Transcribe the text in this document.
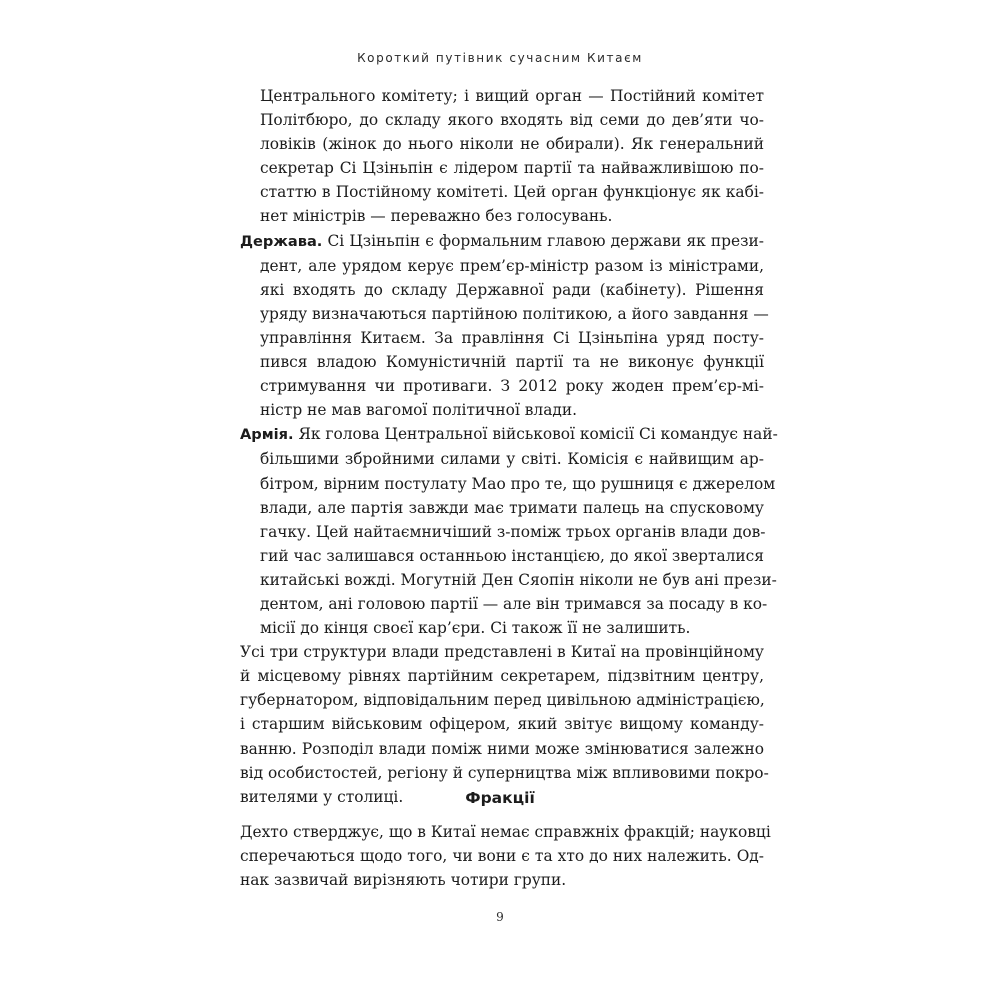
Короткий путівник сучасним Китаєм
Центрального комітету; і вищий орган — Постійний комітет
Політбюро, до складу якого входять від семи до дев’яти чо-
ловіків (жінок до нього ніколи не обирали). Як генеральний
секретар Сі Цзіньпін є лідером партії та найважливішою по-
статтю в Постійному комітеті. Цей орган функціонує як кабі-
нет міністрів — переважно без голосувань.
Держава. Сі Цзіньпін є формальним главою держави як прези-
дент, але урядом керує прем’єр-міністр разом із міністрами,
які входять до складу Державної ради (кабінету). Рішення
уряду визначаються партійною політикою, а його завдання —
управління Китаєм. За правління Сі Цзіньпіна уряд посту-
пився владою Комуністичній партії та не виконує функції
стримування чи противаги. З 2012 року жоден прем’єр-мі-
ністр не мав вагомої політичної влади.
Армія. Як голова Центральної військової комісії Сі командує най-
більшими збройними силами у світі. Комісія є найвищим ар-
бітром, вірним постулату Мао про те, що рушниця є джерелом
влади, але партія завжди має тримати палець на спусковому
гачку. Цей найтаємничіший з-поміж трьох органів влади дов-
гий час залишався останньою інстанцією, до якої зверталися
китайські вожді. Могутній Ден Сяопін ніколи не був ані прези-
дентом, ані головою партії — але він тримався за посаду в ко-
місії до кінця своєї кар’єри. Сі також її не залишить.
Усі три структури влади представлені в Китаї на провінційному
й місцевому рівнях партійним секретарем, підзвітним центру,
губернатором, відповідальним перед цивільною адміністрацією,
і старшим військовим офіцером, який звітує вищому команду-
ванню. Розподіл влади поміж ними може змінюватися залежно
від особистостей, регіону й суперництва між впливовими покро-
вителями у столиці.	Фракції
Дехто стверджує, що в Китаї немає справжніх фракцій; науковці
сперечаються щодо того, чи вони є та хто до них належить. Од-
нак зазвичай вирізняють чотири групи.
9
